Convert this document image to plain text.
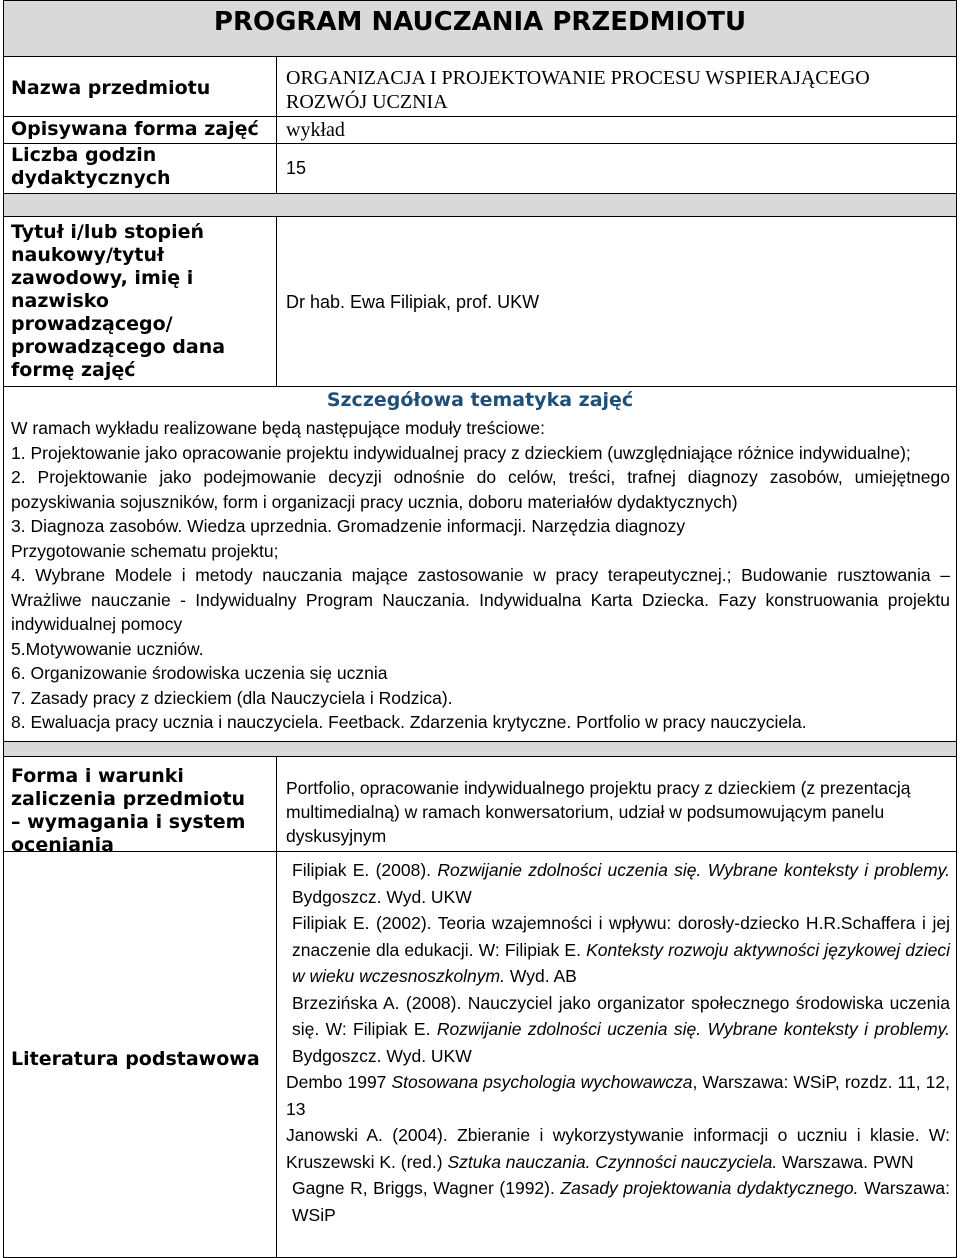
PROGRAM NAUCZANIA PRZEDMIOTU
Nazwa przedmiotu	ORGANIZACJA I PROJEKTOWANIE PROCESU WSPIERAJĄCEGO
ROZWÓJ UCZNIA
Opisywana forma zajęć wykład
Liczba godzin
dydaktycznych	15
Tytuł i/lub stopień
naukowy/tytuł
zawodowy, imię i
nazwisko
prowadzącego/
prowadzącego dana
formę zajęć
Dr hab. Ewa Filipiak, prof. UKW
Szczegółowa tematyka zajęć

W ramach wykładu realizowane będą następujące moduły treściowe:

1. Projektowanie jako opracowanie projektu indywidualnej pracy z dzieckiem (uwzględniające różnice indywidualne);

2. Projektowanie jako podejmowanie decyzji odnośnie do celów, treści, trafnej diagnozy zasobów, umiejętnego pozyskiwania sojuszników, form i organizacji pracy ucznia, doboru materiałów dydaktycznych)

3. Diagnoza zasobów. Wiedza uprzednia. Gromadzenie informacji. Narzędzia diagnozy

Przygotowanie schematu projektu;

4. Wybrane Modele i metody nauczania mające zastosowanie w pracy terapeutycznej.; Budowanie rusztowania – Wrażliwe nauczanie - Indywidualny Program Nauczania. Indywidualna Karta Dziecka. Fazy konstruowania projektu indywidualnej pomocy

5.Motywowanie uczniów.

6. Organizowanie środowiska uczenia się ucznia

7. Zasady pracy z dzieckiem (dla Nauczyciela i Rodzica).

8. Ewaluacja pracy ucznia i nauczyciela. Feetback. Zdarzenia krytyczne. Portfolio w pracy nauczyciela.

Forma i warunki
zaliczenia przedmiotu
– wymagania i system
oceniania
Portfolio, opracowanie indywidualnego projektu pracy z dzieckiem (z prezentacją multimedialną) w ramach konwersatorium, udział w podsumowującym panelu dyskusyjnym
Literatura podstawowa

Filipiak E. (2008). Rozwijanie zdolności uczenia się. Wybrane konteksty i problemy. Bydgoszcz. Wyd. UKW

Filipiak E. (2002). Teoria wzajemności i wpływu: dorosły-dziecko H.R.Schaffera i jej znaczenie dla edukacji. W: Filipiak E. Konteksty rozwoju aktywności językowej dzieci w wieku wczesnoszkolnym. Wyd. AB

Brzezińska A. (2008). Nauczyciel jako organizator społecznego środowiska uczenia się. W: Filipiak E. Rozwijanie zdolności uczenia się. Wybrane konteksty i problemy. Bydgoszcz. Wyd. UKW

Dembo 1997 Stosowana psychologia wychowawcza, Warszawa: WSiP, rozdz. 11, 12, 13

Janowski A. (2004). Zbieranie i wykorzystywanie informacji o uczniu i klasie. W: Kruszewski K. (red.) Sztuka nauczania. Czynności nauczyciela. Warszawa. PWN

Gagne R, Briggs, Wagner (1992). Zasady projektowania dydaktycznego. Warszawa: WSiP
